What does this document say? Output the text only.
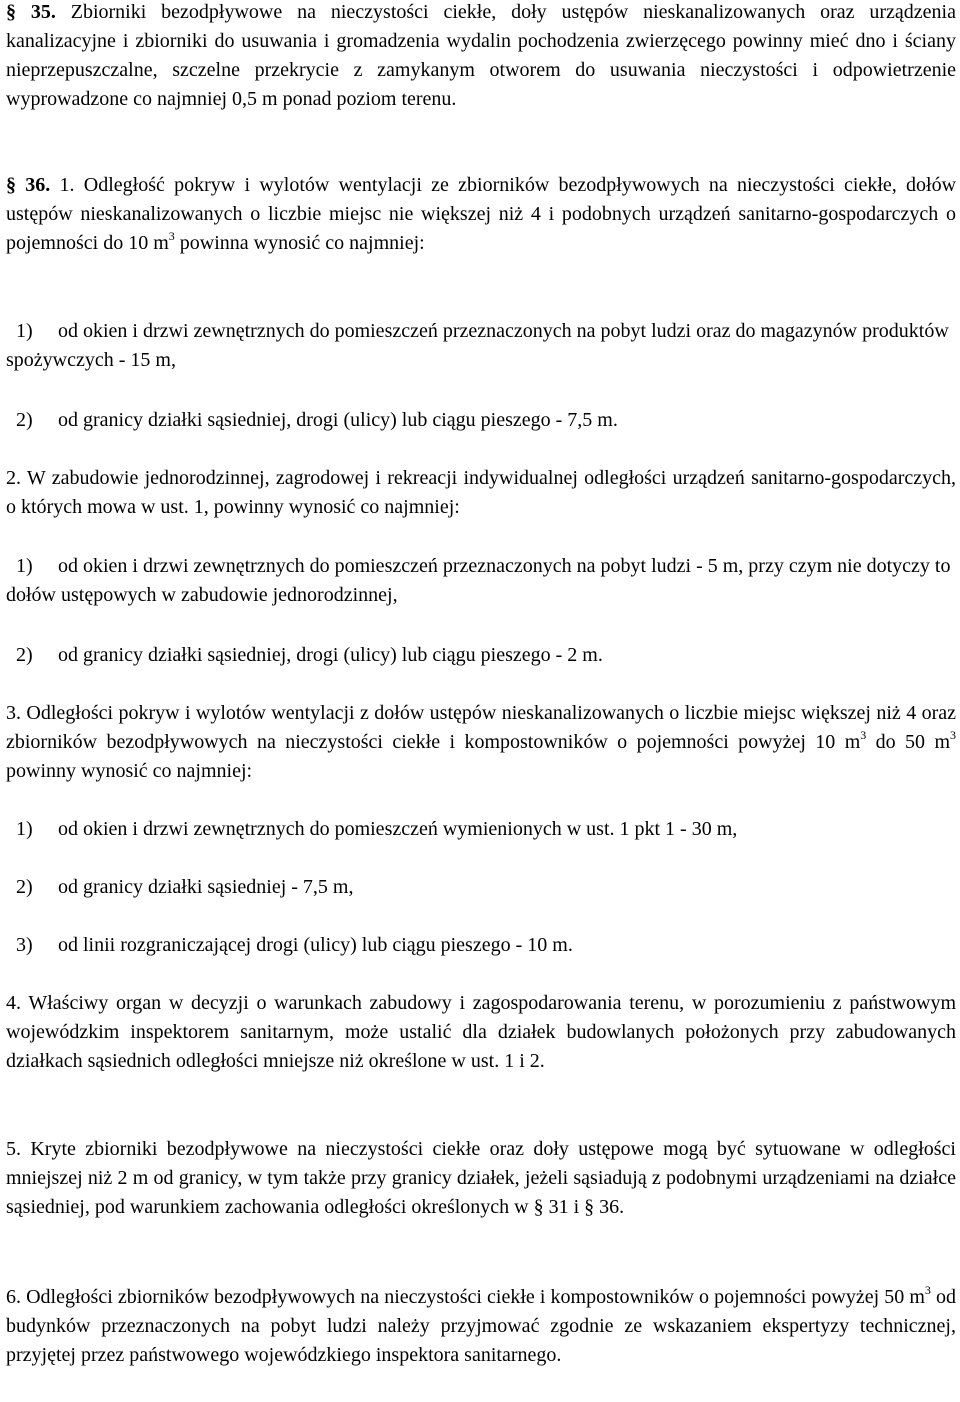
§ 35. Zbiorniki bezodpływowe na nieczystości ciekłe, doły ustępów nieskanalizowanych oraz urządzenia kanalizacyjne i zbiorniki do usuwania i gromadzenia wydalin pochodzenia zwierzęcego powinny mieć dno i ściany nieprzepuszczalne, szczelne przekrycie z zamykanym otworem do usuwania nieczystości i odpowietrzenie wyprowadzone co najmniej 0,5 m ponad poziom terenu.

§ 36. 1. Odległość pokryw i wylotów wentylacji ze zbiorników bezodpływowych na nieczystości ciekłe, dołów ustępów nieskanalizowanych o liczbie miejsc nie większej niż 4 i podobnych urządzeń sanitarno-gospodarczych o pojemności do 10 $m^3$ powinna wynosić co najmniej:

1) od okien i drzwi zewnętrznych do pomieszczeń przeznaczonych na pobyt ludzi oraz do magazynów produktów spożywczych - 15 m,

2) od granicy działki sąsiedniej, drogi (ulicy) lub ciągu pieszego - 7,5 m.

2. W zabudowie jednorodzinnej, zagrodowej i rekreacji indywidualnej odległości urządzeń sanitarno-gospodarczych, o których mowa w ust. 1, powinny wynosić co najmniej:

1) od okien i drzwi zewnętrznych do pomieszczeń przeznaczonych na pobyt ludzi - 5 m, przy czym nie dotyczy to dołów ustępowych w zabudowie jednorodzinnej,

2) od granicy działki sąsiedniej, drogi (ulicy) lub ciągu pieszego - 2 m.

3. Odległości pokryw i wylotów wentylacji z dołów ustępów nieskanalizowanych o liczbie miejsc większej niż 4 oraz zbiorników bezodpływowych na nieczystości ciekłe i kompostowników o pojemności powyżej 10 $m^3$ do 50 $m^3$ powinny wynosić co najmniej:

1) od okien i drzwi zewnętrznych do pomieszczeń wymienionych w ust. 1 pkt 1 - 30 m,

2) od granicy działki sąsiedniej - 7,5 m,

3) od linii rozgraniczającej drogi (ulicy) lub ciągu pieszego - 10 m.

4. Właściwy organ w decyzji o warunkach zabudowy i zagospodarowania terenu, w porozumieniu z państwowym wojewódzkim inspektorem sanitarnym, może ustalić dla działek budowlanych położonych przy zabudowanych działkach sąsiednich odległości mniejsze niż określone w ust. 1 i 2.

5. Kryte zbiorniki bezodpływowe na nieczystości ciekłe oraz doły ustępowe mogą być sytuowane w odległości mniejszej niż 2 m od granicy, w tym także przy granicy działek, jeżeli sąsiadują z podobnymi urządzeniami na działce sąsiedniej, pod warunkiem zachowania odległości określonych w § 31 i § 36.

6. Odległości zbiorników bezodpływowych na nieczystości ciekłe i kompostowników o pojemności powyżej 50 $m^3$ od budynków przeznaczonych na pobyt ludzi należy przyjmować zgodnie ze wskazaniem ekspertyzy technicznej, przyjętej przez państwowego wojewódzkiego inspektora sanitarnego.
